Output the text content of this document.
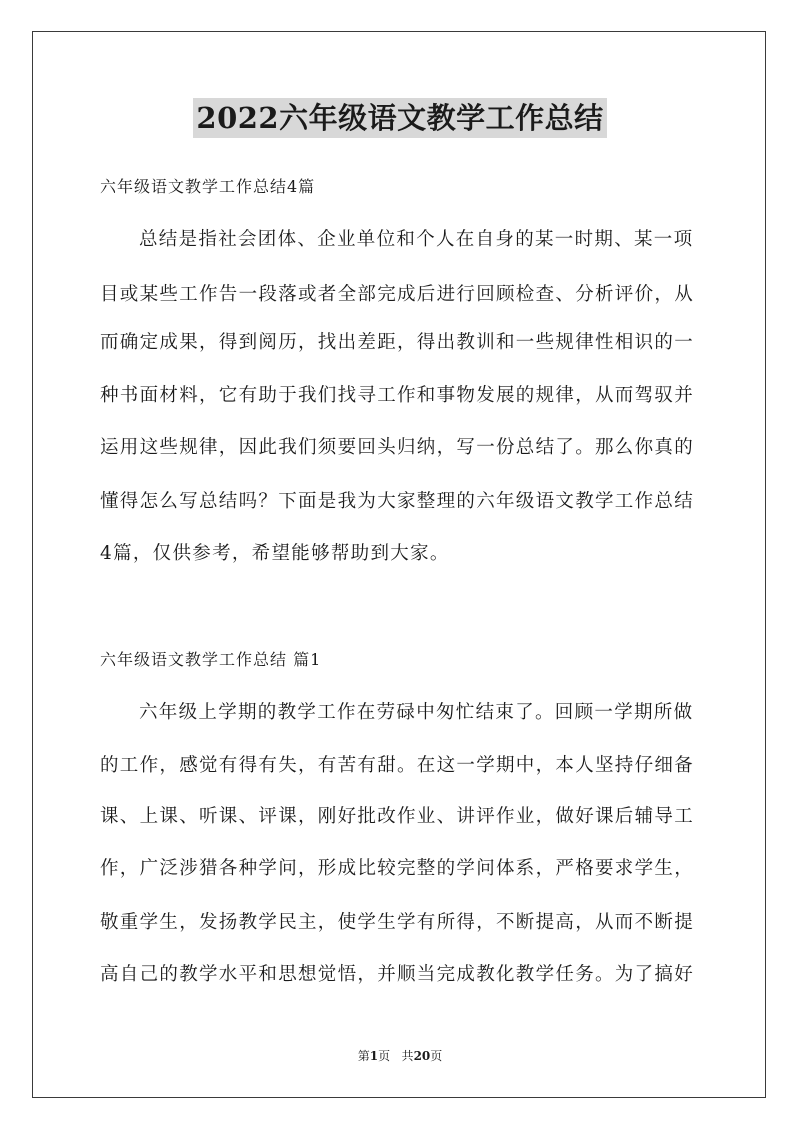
2022六年级语文教学工作总结
六年级语文教学工作总结4篇
总结是指社会团体、企业单位和个人在自身的某一时期、某一项
目或某些工作告一段落或者全部完成后进行回顾检查、分析评价，从
而确定成果，得到阅历，找出差距，得出教训和一些规律性相识的一
种书面材料，它有助于我们找寻工作和事物发展的规律，从而驾驭并
运用这些规律，因此我们须要回头归纳，写一份总结了。那么你真的
懂得怎么写总结吗？下面是我为大家整理的六年级语文教学工作总结
4篇，仅供参考，希望能够帮助到大家。
六年级语文教学工作总结 篇1
六年级上学期的教学工作在劳碌中匆忙结束了。回顾一学期所做
的工作，感觉有得有失，有苦有甜。在这一学期中，本人坚持仔细备
课、上课、听课、评课，刚好批改作业、讲评作业，做好课后辅导工
作，广泛涉猎各种学问，形成比较完整的学问体系，严格要求学生，
敬重学生，发扬教学民主，使学生学有所得，不断提高，从而不断提
高自己的教学水平和思想觉悟，并顺当完成教化教学任务。为了搞好
第1页 共20页
